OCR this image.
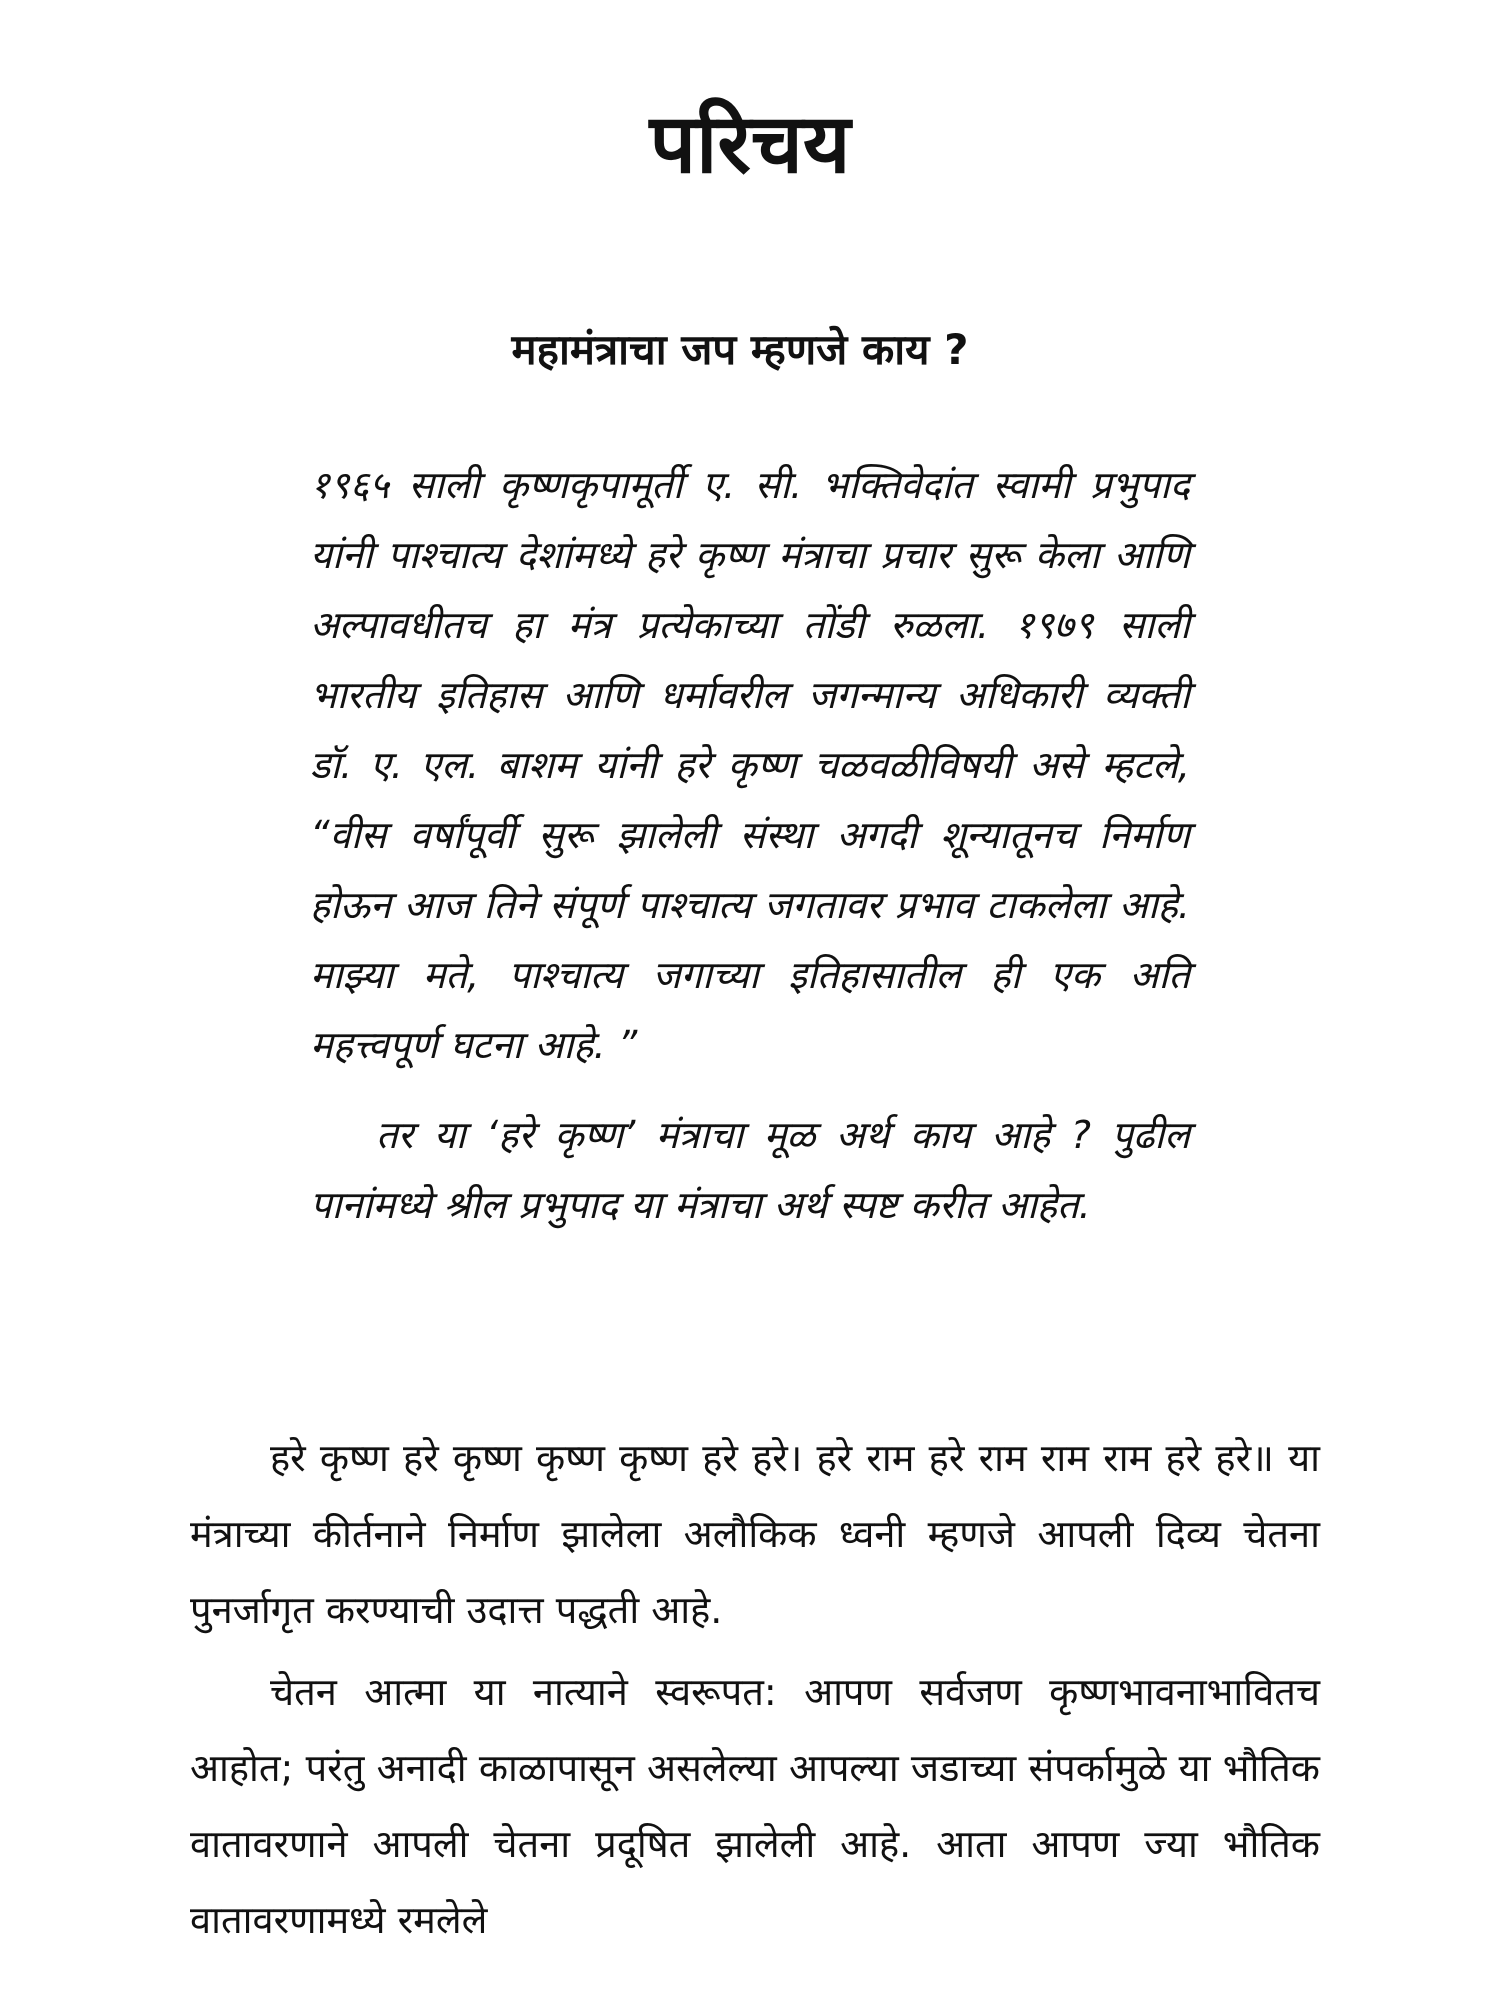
परिचय
महामंत्राचा जप म्हणजे काय ?

१९६५ साली कृष्णकृपामूर्ती ए. सी. भक्तिवेदांत स्वामी प्रभुपाद यांनी पाश्चात्य देशांमध्ये हरे कृष्ण मंत्राचा प्रचार सुरू केला आणि अल्पावधीतच हा मंत्र प्रत्येकाच्या तोंडी रुळला. १९७९ साली भारतीय इतिहास आणि धर्मावरील जगन्मान्य अधिकारी व्यक्ती डॉ. ए. एल. बाशम यांनी हरे कृष्ण चळवळीविषयी असे म्हटले, “वीस वर्षांपूर्वी सुरू झालेली संस्था अगदी शून्यातूनच निर्माण होऊन आज तिने संपूर्ण पाश्चात्य जगतावर प्रभाव टाकलेला आहे. माझ्या मते, पाश्चात्य जगाच्या इतिहासातील ही एक अति महत्त्वपूर्ण घटना आहे. ”

तर या ‘हरे कृष्ण’ मंत्राचा मूळ अर्थ काय आहे ? पुढील पानांमध्ये श्रील प्रभुपाद या मंत्राचा अर्थ स्पष्ट करीत आहेत.

हरे कृष्ण हरे कृष्ण कृष्ण कृष्ण हरे हरे। हरे राम हरे राम राम राम हरे हरे॥ या मंत्राच्या कीर्तनाने निर्माण झालेला अलौकिक ध्वनी म्हणजे आपली दिव्य चेतना पुनर्जागृत करण्याची उदात्त पद्धती आहे.

चेतन आत्मा या नात्याने स्वरूपत: आपण सर्वजण कृष्णभावनाभावितच आहोत; परंतु अनादी काळापासून असलेल्या आपल्या जडाच्या संपर्कामुळे या भौतिक वातावरणाने आपली चेतना प्रदूषित झालेली आहे. आता आपण ज्या भौतिक वातावरणामध्ये रमलेले
